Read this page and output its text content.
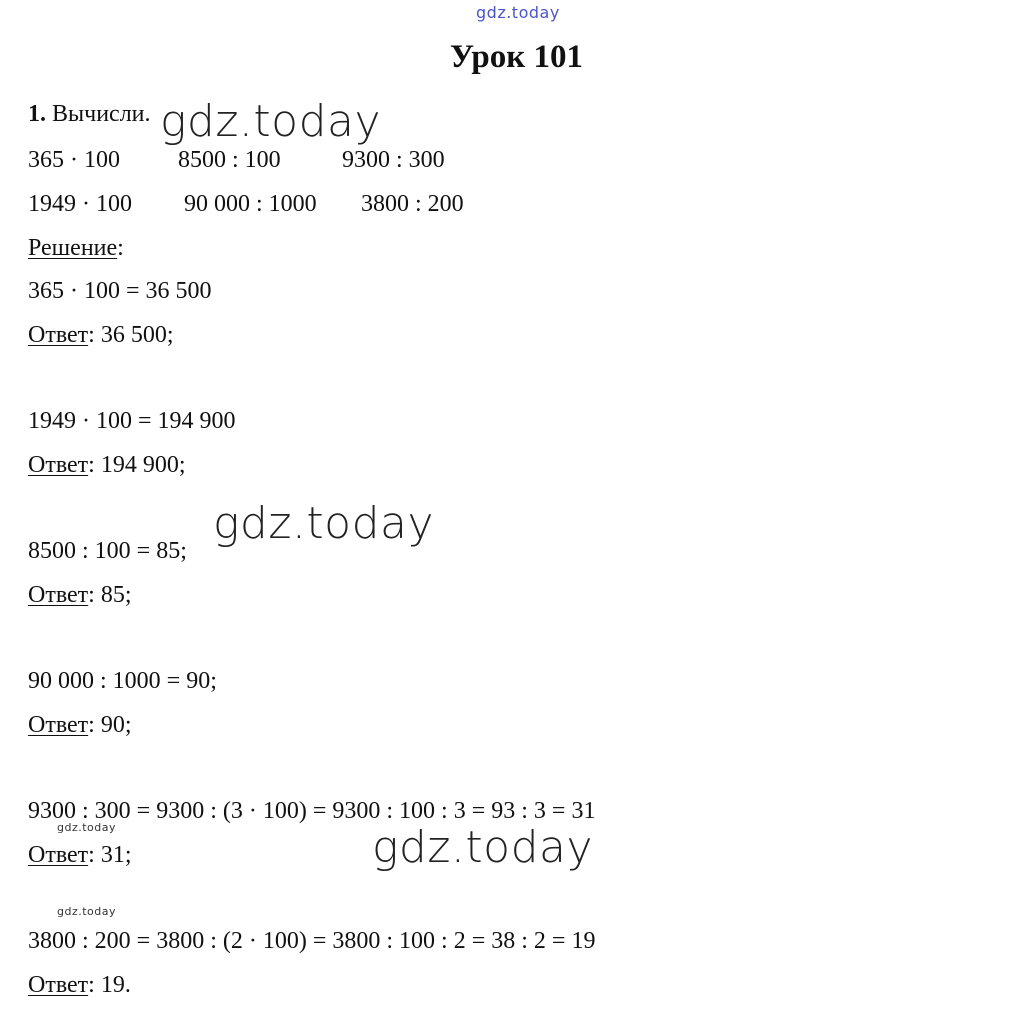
gdz.today
gdz.today
gdz.today
gdz.today
gdz.today
gdz.today
Урок 101
1. Вычисли.
365 · 100 8500 : 100	9300 : 300
1949 · 100 90 000 : 1000 3800 : 200
Решение:
365 · 100 = 36 500
Ответ: 36 500;
1949 · 100 = 194 900
Ответ: 194 900;
8500 : 100 = 85;
Ответ: 85;
90 000 : 1000 = 90;
Ответ: 90;
9300 : 300 = 9300 : (3 · 100) = 9300 : 100 : 3 = 93 : 3 = 31
Ответ: 31;
3800 : 200 = 3800 : (2 · 100) = 3800 : 100 : 2 = 38 : 2 = 19
Ответ: 19.
